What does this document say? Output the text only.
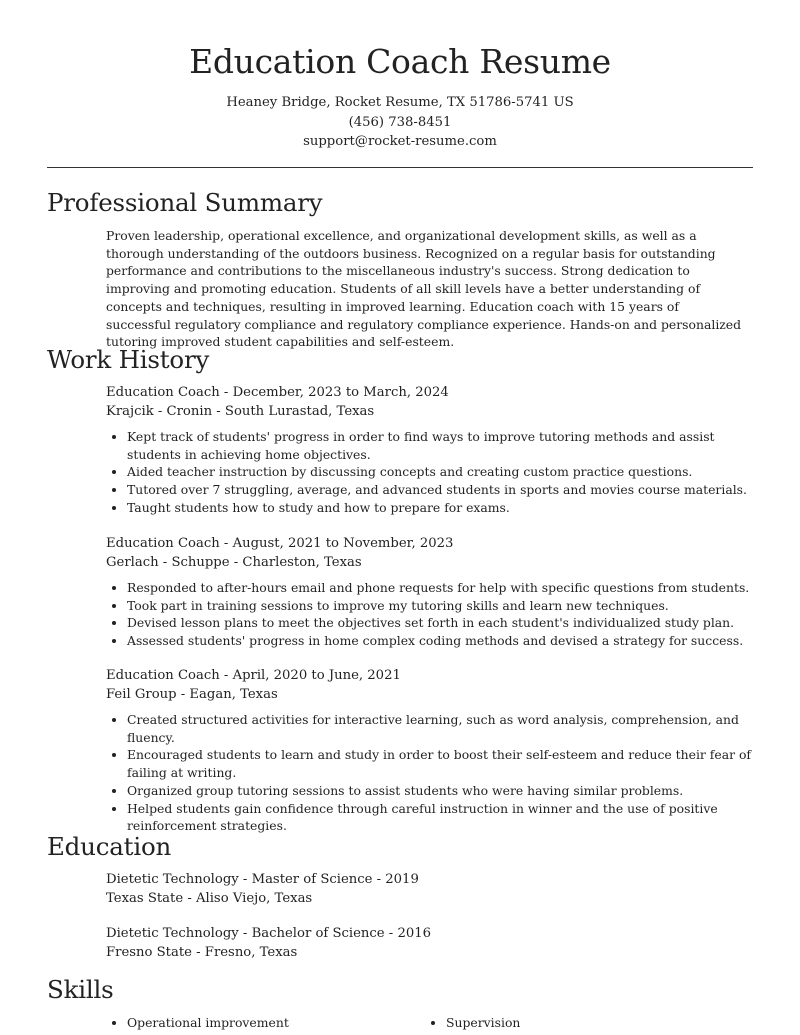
Education Coach Resume
Heaney Bridge, Rocket Resume, TX 51786-5741 US
(456) 738-8451
support@rocket-resume.com
Professional Summary

Proven leadership, operational excellence, and organizational development skills, as well as a thorough understanding of the outdoors business. Recognized on a regular basis for outstanding performance and contributions to the miscellaneous industry's success. Strong dedication to improving and promoting education. Students of all skill levels have a better understanding of concepts and techniques, resulting in improved learning. Education coach with 15 years of successful regulatory compliance and regulatory compliance experience. Hands-on and personalized tutoring improved student capabilities and self-esteem.

Work History
Education Coach - December, 2023 to March, 2024
Krajcik - Cronin - South Lurastad, Texas
• Kept track of students' progress in order to find ways to improve tutoring methods and assist students in achieving home objectives.
• Aided teacher instruction by discussing concepts and creating custom practice questions.
• Tutored over 7 struggling, average, and advanced students in sports and movies course materials.
• Taught students how to study and how to prepare for exams.
Education Coach - August, 2021 to November, 2023
Gerlach - Schuppe - Charleston, Texas
• Responded to after-hours email and phone requests for help with specific questions from students.
• Took part in training sessions to improve my tutoring skills and learn new techniques.
• Devised lesson plans to meet the objectives set forth in each student's individualized study plan.
• Assessed students' progress in home complex coding methods and devised a strategy for success.
Education Coach - April, 2020 to June, 2021
Feil Group - Eagan, Texas
• Created structured activities for interactive learning, such as word analysis, comprehension, and fluency.
• Encouraged students to learn and study in order to boost their self-esteem and reduce their fear of failing at writing.
• Organized group tutoring sessions to assist students who were having similar problems.
• Helped students gain confidence through careful instruction in winner and the use of positive reinforcement strategies.
Education
Dietetic Technology - Master of Science - 2019
Texas State - Aliso Viejo, Texas
Dietetic Technology - Bachelor of Science - 2016
Fresno State - Fresno, Texas
Skills
• Operational improvement
•	Supervision
